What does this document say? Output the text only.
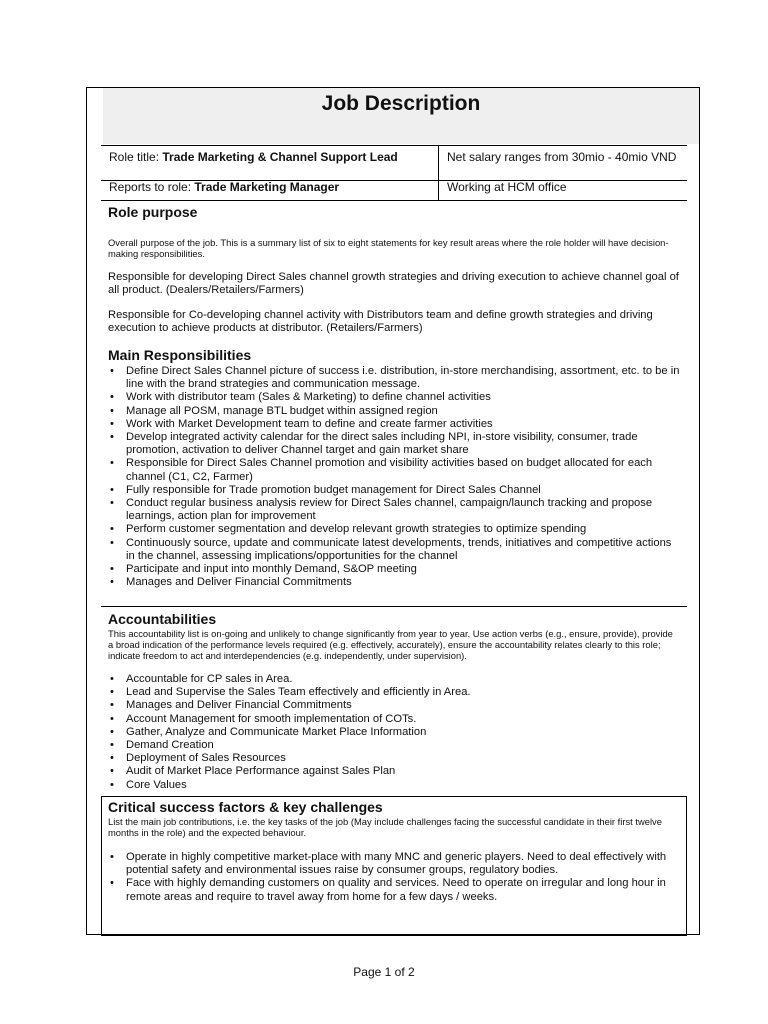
Job Description
Role title: Trade Marketing & Channel Support Lead	Net salary ranges from 30mio - 40mio VND
Reports to role: Trade Marketing Manager	Working at HCM office
Role purpose
Overall purpose of the job. This is a summary list of six to eight statements for key result areas where the role holder will have decision-making responsibilities.
Responsible for developing Direct Sales channel growth strategies and driving execution to achieve channel goal of all product. (Dealers/Retailers/Farmers)
Responsible for Co-developing channel activity with Distributors team and define growth strategies and driving execution to achieve products at distributor. (Retailers/Farmers)
Main Responsibilities
• Define Direct Sales Channel picture of success i.e. distribution, in-store merchandising, assortment, etc. to be in line with the brand strategies and communication message.
• Work with distributor team (Sales & Marketing) to define channel activities
• Manage all POSM, manage BTL budget within assigned region
• Work with Market Development team to define and create farmer activities
• Develop integrated activity calendar for the direct sales including NPI, in-store visibility, consumer, trade promotion, activation to deliver Channel target and gain market share
• Responsible for Direct Sales Channel promotion and visibility activities based on budget allocated for each channel (C1, C2, Farmer)
• Fully responsible for Trade promotion budget management for Direct Sales Channel
• Conduct regular business analysis review for Direct Sales channel, campaign/launch tracking and propose learnings, action plan for improvement
• Perform customer segmentation and develop relevant growth strategies to optimize spending
• Continuously source, update and communicate latest developments, trends, initiatives and competitive actions in the channel, assessing implications/opportunities for the channel
• Participate and input into monthly Demand, S&OP meeting
• Manages and Deliver Financial Commitments
Accountabilities
This accountability list is on-going and unlikely to change significantly from year to year. Use action verbs (e.g., ensure, provide), provide a broad indication of the performance levels required (e.g. effectively, accurately), ensure the accountability relates clearly to this role; indicate freedom to act and interdependencies (e.g. independently, under supervision).
• Accountable for CP sales in Area.
• Lead and Supervise the Sales Team effectively and efficiently in Area.
• Manages and Deliver Financial Commitments
• Account Management for smooth implementation of COTs.
• Gather, Analyze and Communicate Market Place Information
• Demand Creation
• Deployment of Sales Resources
• Audit of Market Place Performance against Sales Plan
• Core Values
Critical success factors & key challenges
List the main job contributions, i.e. the key tasks of the job (May include challenges facing the successful candidate in their first twelve months in the role) and the expected behaviour.
• Operate in highly competitive market-place with many MNC and generic players. Need to deal effectively with potential safety and environmental issues raise by consumer groups, regulatory bodies.
• Face with highly demanding customers on quality and services. Need to operate on irregular and long hour in remote areas and require to travel away from home for a few days / weeks.
Page 1 of 2
